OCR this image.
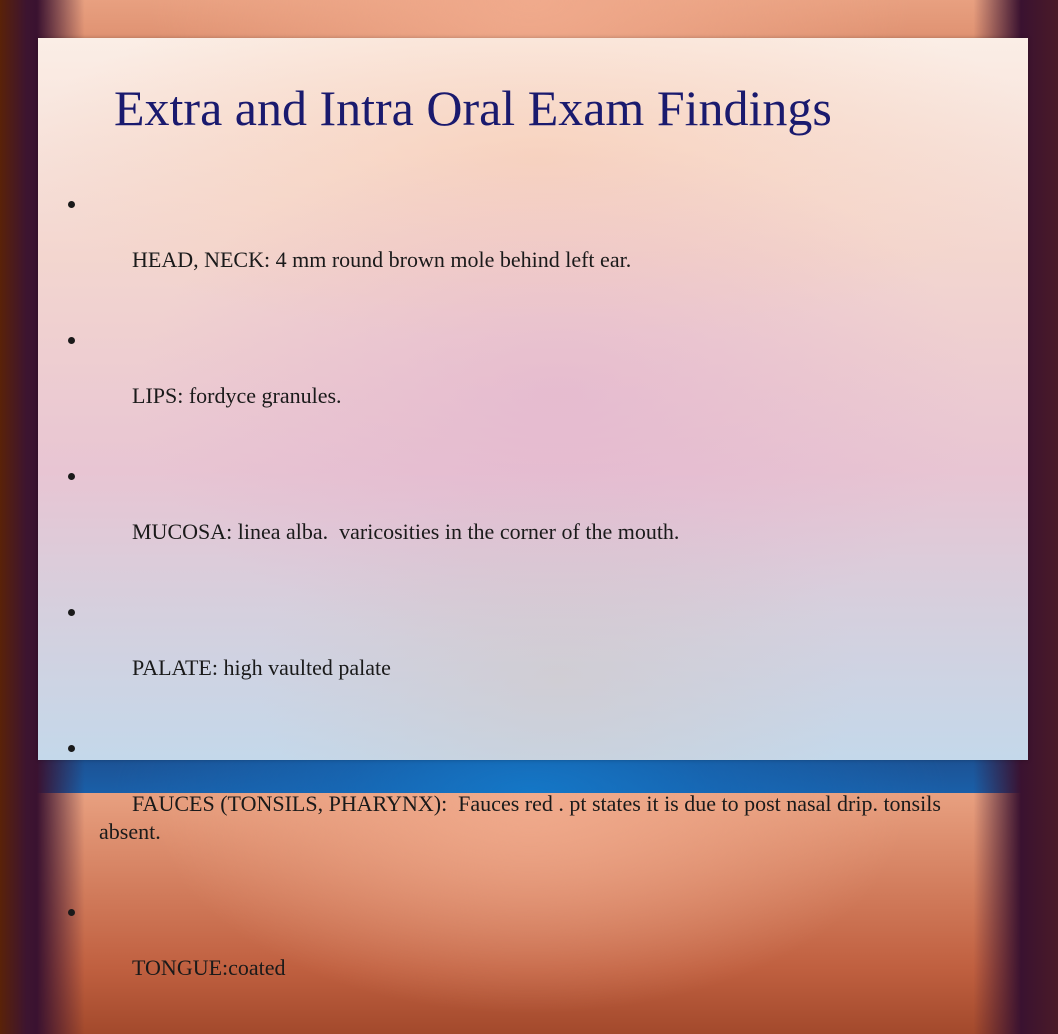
Extra and Intra Oral Exam Findings

HEAD, NECK: 4 mm round brown mole behind left ear.

LIPS: fordyce granules.

MUCOSA: linea alba.  varicosities in the corner of the mouth.

PALATE: high vaulted palate

FAUCES (TONSILS, PHARYNX):  Fauces red . pt states it is due to post nasal drip. tonsils absent.

TONGUE:coated
